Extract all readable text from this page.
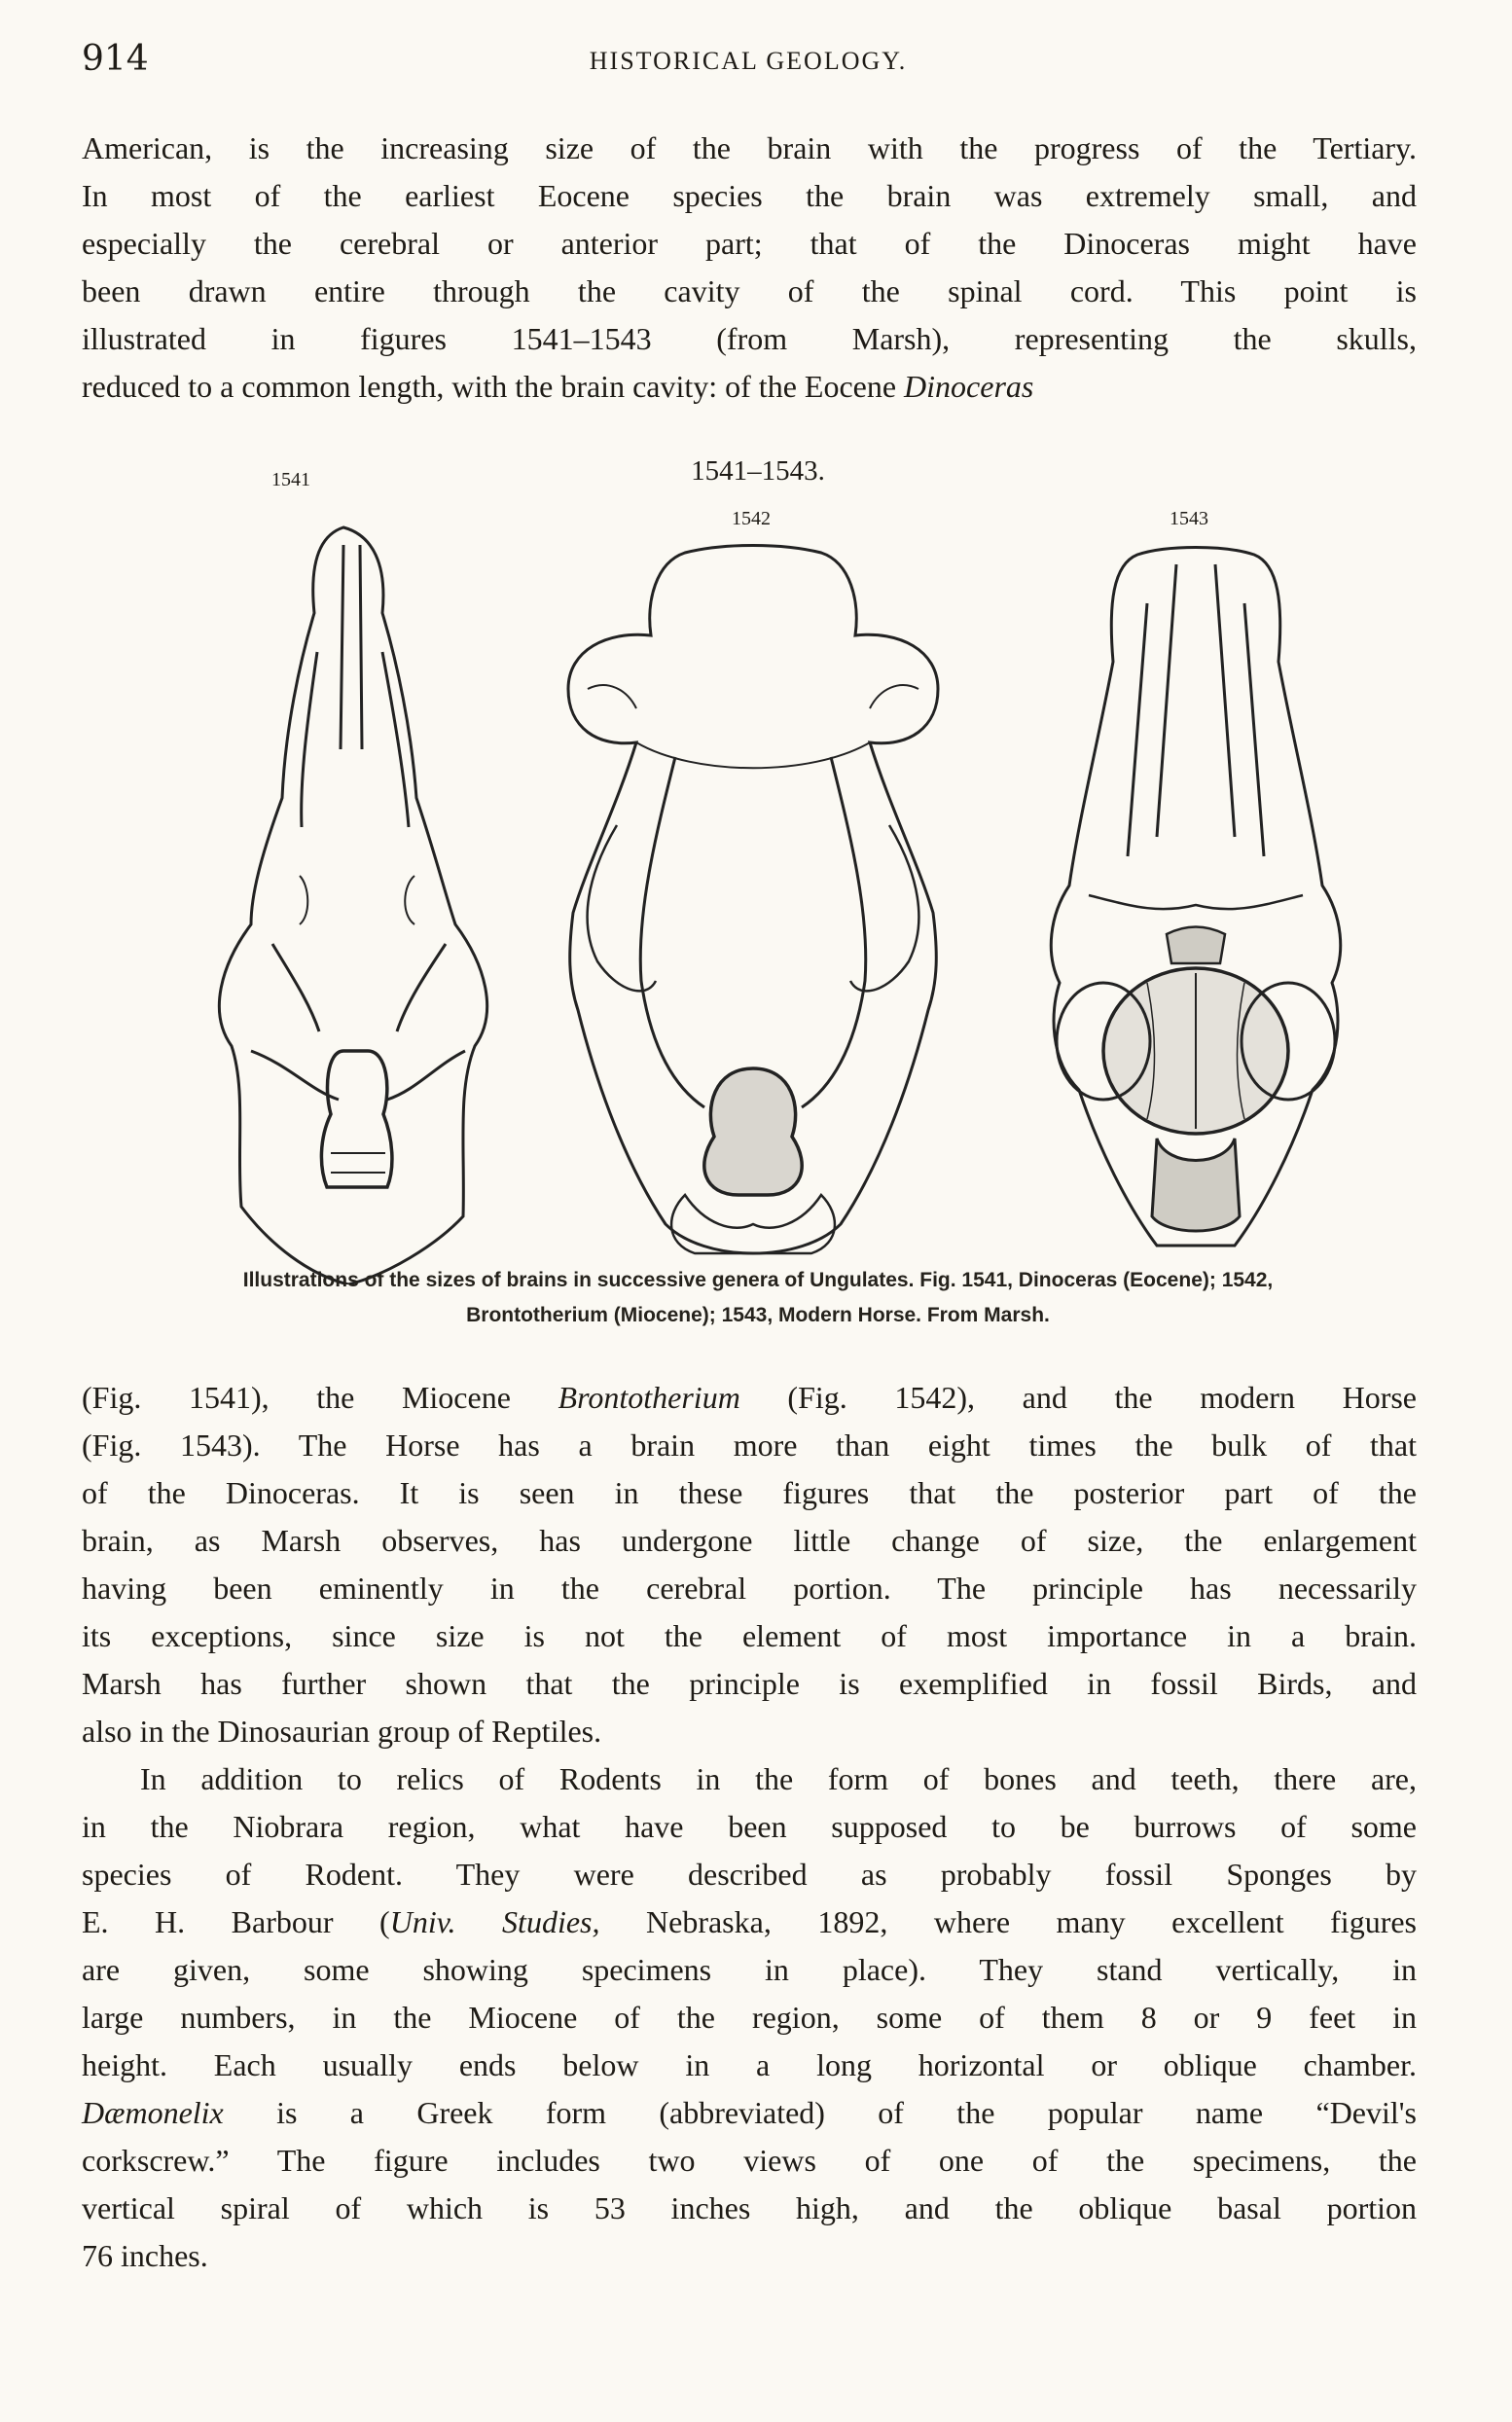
914	HISTORICAL GEOLOGY.
American, is the increasing size of the brain with the progress of the Tertiary.
In most of the earliest Eocene species the brain was extremely small, and
especially the cerebral or anterior part; that of the Dinoceras might have
been drawn entire through the cavity of the spinal cord. This point is
illustrated in figures 1541–1543 (from Marsh), representing the skulls,
reduced to a common length, with the brain cavity: of the Eocene Dinoceras
1541–1543.
1541
1542	1543
Illustrations of the sizes of brains in successive genera of Ungulates. Fig. 1541, Dinoceras (Eocene); 1542,
Brontotherium (Miocene); 1543, Modern Horse. From Marsh.
(Fig. 1541), the Miocene Brontotherium (Fig. 1542), and the modern Horse
(Fig. 1543). The Horse has a brain more than eight times the bulk of that
of the Dinoceras. It is seen in these figures that the posterior part of the
brain, as Marsh observes, has undergone little change of size, the enlargement
having been eminently in the cerebral portion. The principle has necessarily
its exceptions, since size is not the element of most importance in a brain.
Marsh has further shown that the principle is exemplified in fossil Birds, and
also in the Dinosaurian group of Reptiles.
In addition to relics of Rodents in the form of bones and teeth, there are,
in the Niobrara region, what have been supposed to be burrows of some
species of Rodent. They were described as probably fossil Sponges by
E. H. Barbour (Univ. Studies, Nebraska, 1892, where many excellent figures
are given, some showing specimens in place). They stand vertically, in
large numbers, in the Miocene of the region, some of them 8 or 9 feet in
height. Each usually ends below in a long horizontal or oblique chamber.
Dæmonelix is a Greek form (abbreviated) of the popular name “Devil's
corkscrew.” The figure includes two views of one of the specimens, the
vertical spiral of which is 53 inches high, and the oblique basal portion
76 inches.
